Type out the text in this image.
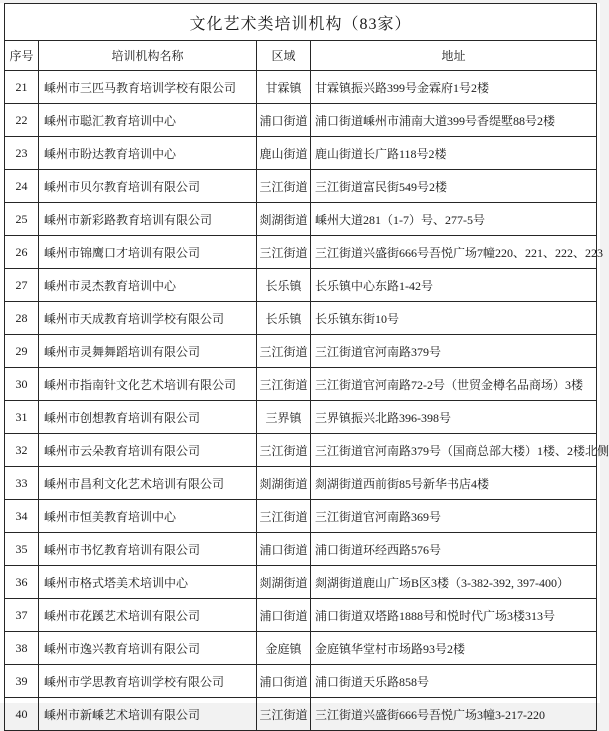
文化艺术类培训机构（83家）			
序号	培训机构名称	区域	地址
21	嵊州市三匹马教育培训学校有限公司	甘霖镇	甘霖镇振兴路399号金霖府1号2楼
22	嵊州市聪汇教育培训中心	浦口街道	浦口街道嵊州市浦南大道399号香缇墅88号2楼
23	嵊州市盼达教育培训中心	鹿山街道	鹿山街道长广路118号2楼
24	嵊州市贝尔教育培训有限公司	三江街道	三江街道富民街549号2楼
25	嵊州市新彩路教育培训有限公司	剡湖街道	嵊州大道281（1-7）号、277-5号
26	嵊州市锦鹰口才培训有限公司	三江街道	三江街道兴盛街666号吾悦广场7幢220、221、222、223
27	嵊州市灵杰教育培训中心	长乐镇	长乐镇中心东路1-42号
28	嵊州市天成教育培训学校有限公司	长乐镇	长乐镇东街10号
29	嵊州市灵舞舞蹈培训有限公司	三江街道	三江街道官河南路379号
30	嵊州市指南针文化艺术培训有限公司	三江街道	三江街道官河南路72-2号（世贸金樽名品商场）3楼
31	嵊州市创想教育培训有限公司	三界镇	三界镇振兴北路396-398号
32	嵊州市云朵教育培训有限公司	三江街道	三江街道官河南路379号（国商总部大楼）1楼、2楼北侧
33	嵊州市昌利文化艺术培训有限公司	剡湖街道	剡湖街道西前街85号新华书店4楼
34	嵊州市恒美教育培训中心	三江街道	三江街道官河南路369号
35	嵊州市书忆教育培训有限公司	浦口街道	浦口街道环经西路576号
36	嵊州市格式塔美术培训中心	剡湖街道	剡湖街道鹿山广场B区3楼（3-382-392, 397-400）
37	嵊州市花蹊艺术培训有限公司	浦口街道	浦口街道双塔路1888号和悦时代广场3楼313号
38	嵊州市逸兴教育培训有限公司	金庭镇	金庭镇华堂村市场路93号2楼
39	嵊州市学思教育培训学校有限公司	浦口街道	浦口街道天乐路858号
40	嵊州市新嵊艺术培训有限公司	三江街道	三江街道兴盛街666号吾悦广场3幢3-217-220
